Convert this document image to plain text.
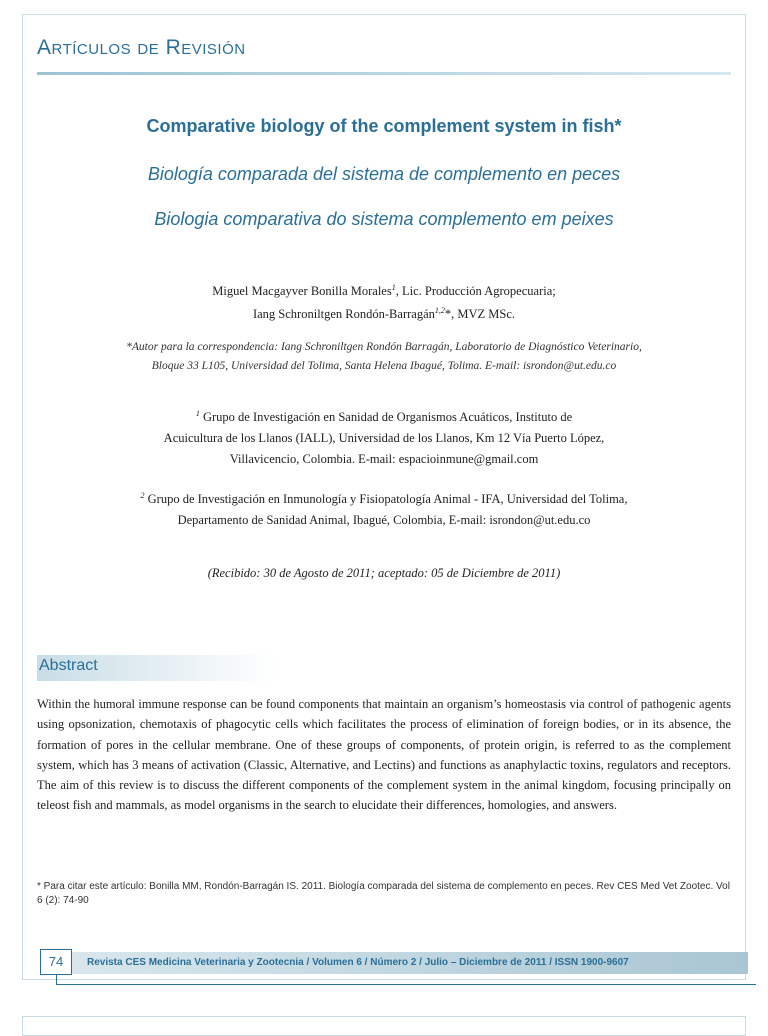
Artículos de Revisión
Comparative biology of the complement system in fish*
Biología comparada del sistema de complemento en peces
Biologia comparativa do sistema complemento em peixes
Miguel Macgayver Bonilla Morales$^1$, Lic. Producción Agropecuaria;
Iang Schroniltgen Rondón-Barragán$^{1,2}$*, MVZ MSc.
*Autor para la correspondencia: Iang Schroniltgen Rondón Barragán, Laboratorio de Diagnóstico Veterinario,
Bloque 33 L105, Universidad del Tolima, Santa Helena Ibagué, Tolima. E-mail: isrondon@ut.edu.co
$^1$ Grupo de Investigación en Sanidad de Organismos Acuáticos, Instituto de
Acuicultura de los Llanos (IALL), Universidad de los Llanos, Km 12 Vía Puerto López,
Villavicencio, Colombia. E-mail: espacioinmune@gmail.com
$^2$ Grupo de Investigación en Inmunología y Fisiopatología Animal - IFA, Universidad del Tolima,
Departamento de Sanidad Animal, Ibagué, Colombia, E-mail: isrondon@ut.edu.co
(Recibido: 30 de Agosto de 2011; aceptado: 05 de Diciembre de 2011)
Abstract
Within the humoral immune response can be found components that maintain an organism’s homeostasis via control of pathogenic agents using opsonization, chemotaxis of phagocytic cells which facilitates the process of elimination of foreign bodies, or in its absence, the formation of pores in the cellular membrane. One of these groups of components, of protein origin, is referred to as the complement system, which has 3 means of activation (Classic, Alternative, and Lectins) and functions as anaphylactic toxins, regulators and receptors. The aim of this review is to discuss the different components of the complement system in the animal kingdom, focusing principally on teleost fish and mammals, as model organisms in the search to elucidate their differences, homologies, and answers.
* Para citar este artículo: Bonilla MM, Rondón-Barragán IS. 2011. Biología comparada del sistema de complemento en peces. Rev CES Med Vet Zootec. Vol 6 (2): 74-90
74	Revista CES Medicina Veterinaria y Zootecnia / Volumen 6 / Número 2 / Julio – Diciembre de 2011 / ISSN 1900-9607
